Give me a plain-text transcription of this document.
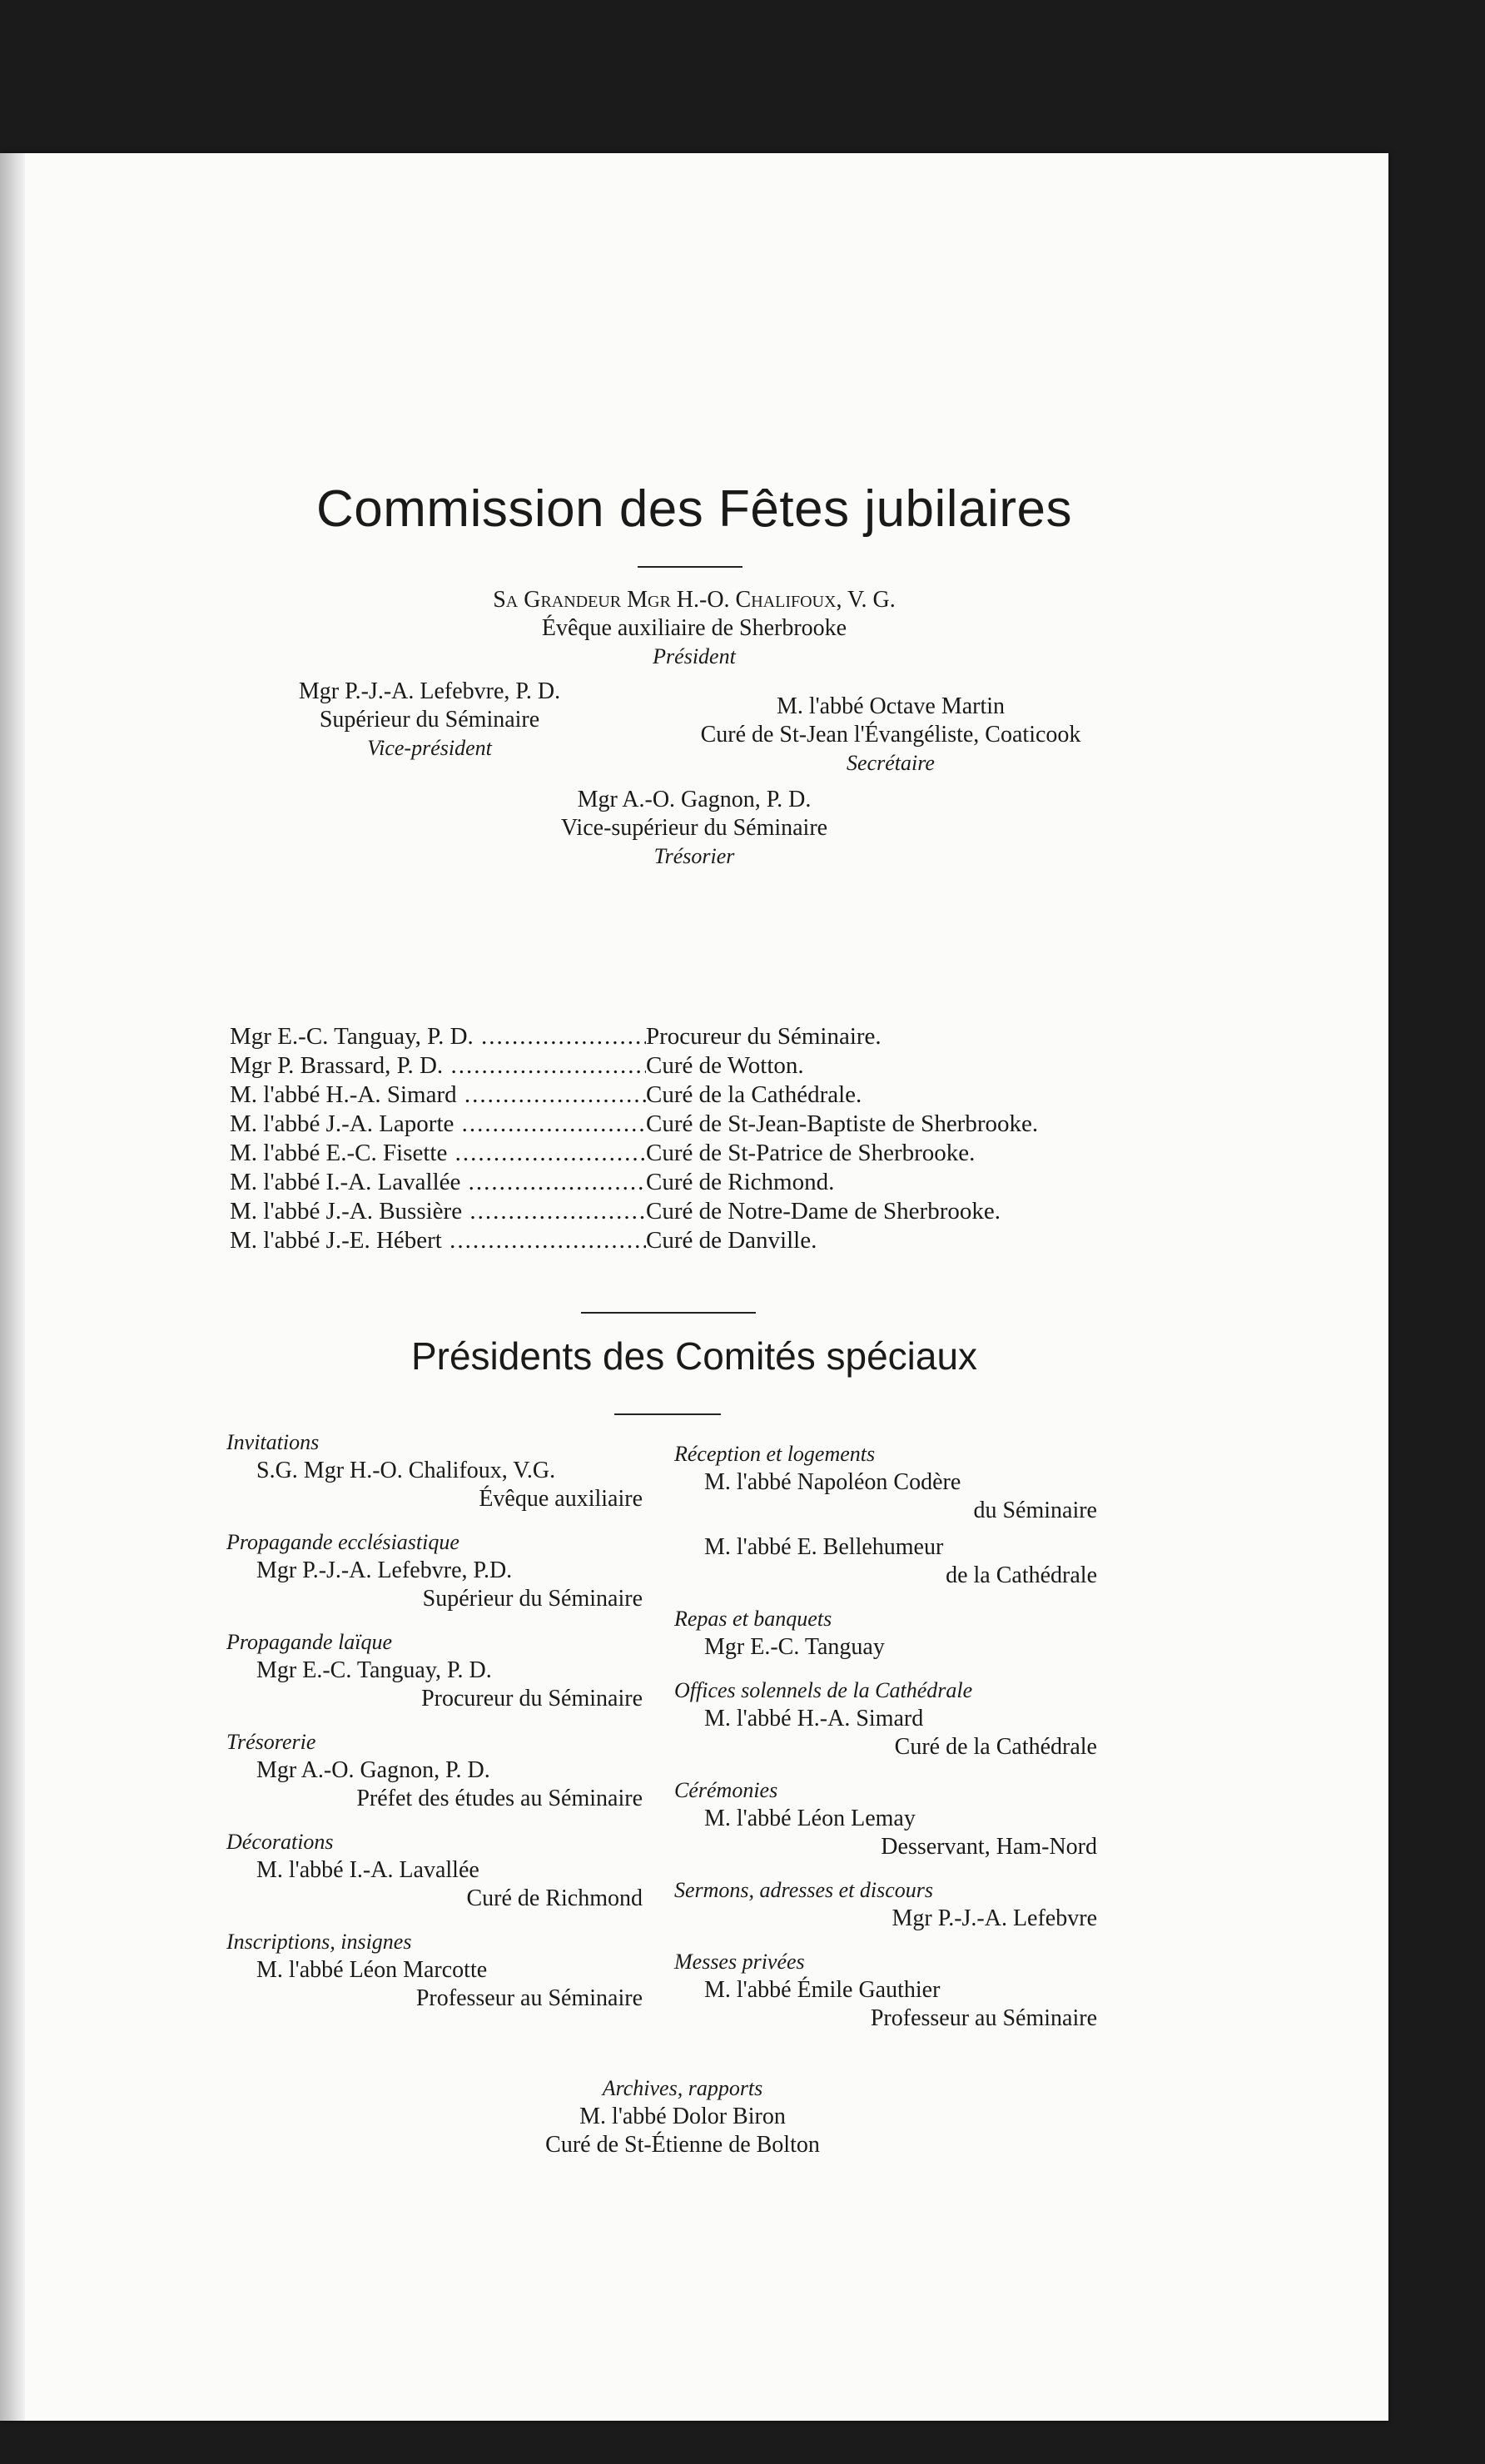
Commission des Fêtes jubilaires
Sa Grandeur Mgr H.-O. Chalifoux, V. G.
Évêque auxiliaire de Sherbrooke
Président
Mgr P.-J.-A. Lefebvre, P. D.
Supérieur du Séminaire
Vice-président
M. l'abbé Octave Martin
Curé de St-Jean l'Évangéliste, Coaticook
Secrétaire
Mgr A.-O. Gagnon, P. D.
Vice-supérieur du Séminaire
Trésorier
Mgr E.-C. Tanguay, P. D. .....	Procureur du Séminaire.
Mgr P. Brassard, P. D. .....	Curé de Wotton.
M. l'abbé H.-A. Simard .....	Curé de la Cathédrale.
M. l'abbé J.-A. Laporte .....	Curé de St-Jean-Baptiste de Sherbrooke.
M. l'abbé E.-C. Fisette .....	Curé de St-Patrice de Sherbrooke.
M. l'abbé I.-A. Lavallée .....	Curé de Richmond.
M. l'abbé J.-A. Bussière .....	Curé de Notre-Dame de Sherbrooke.
M. l'abbé J.-E. Hébert .....	Curé de Danville.
Présidents des Comités spéciaux
Invitations
S.G. Mgr H.-O. Chalifoux, V.G.
Évêque auxiliaire
Propagande ecclésiastique
Mgr P.-J.-A. Lefebvre, P.D.
Supérieur du Séminaire
Propagande laïque
Mgr E.-C. Tanguay, P. D.
Procureur du Séminaire
Trésorerie
Mgr A.-O. Gagnon, P. D.
Préfet des études au Séminaire
Décorations
M. l'abbé I.-A. Lavallée
Curé de Richmond
Inscriptions, insignes
M. l'abbé Léon Marcotte
Professeur au Séminaire
Réception et logements
M. l'abbé Napoléon Codère
du Séminaire
M. l'abbé E. Bellehumeur
de la Cathédrale
Repas et banquets
Mgr E.-C. Tanguay
Offices solennels de la Cathédrale
M. l'abbé H.-A. Simard
Curé de la Cathédrale
Cérémonies
M. l'abbé Léon Lemay
Desservant, Ham-Nord
Sermons, adresses et discours
Mgr P.-J.-A. Lefebvre
Messes privées
M. l'abbé Émile Gauthier
Professeur au Séminaire
Archives, rapports
M. l'abbé Dolor Biron
Curé de St-Étienne de Bolton
